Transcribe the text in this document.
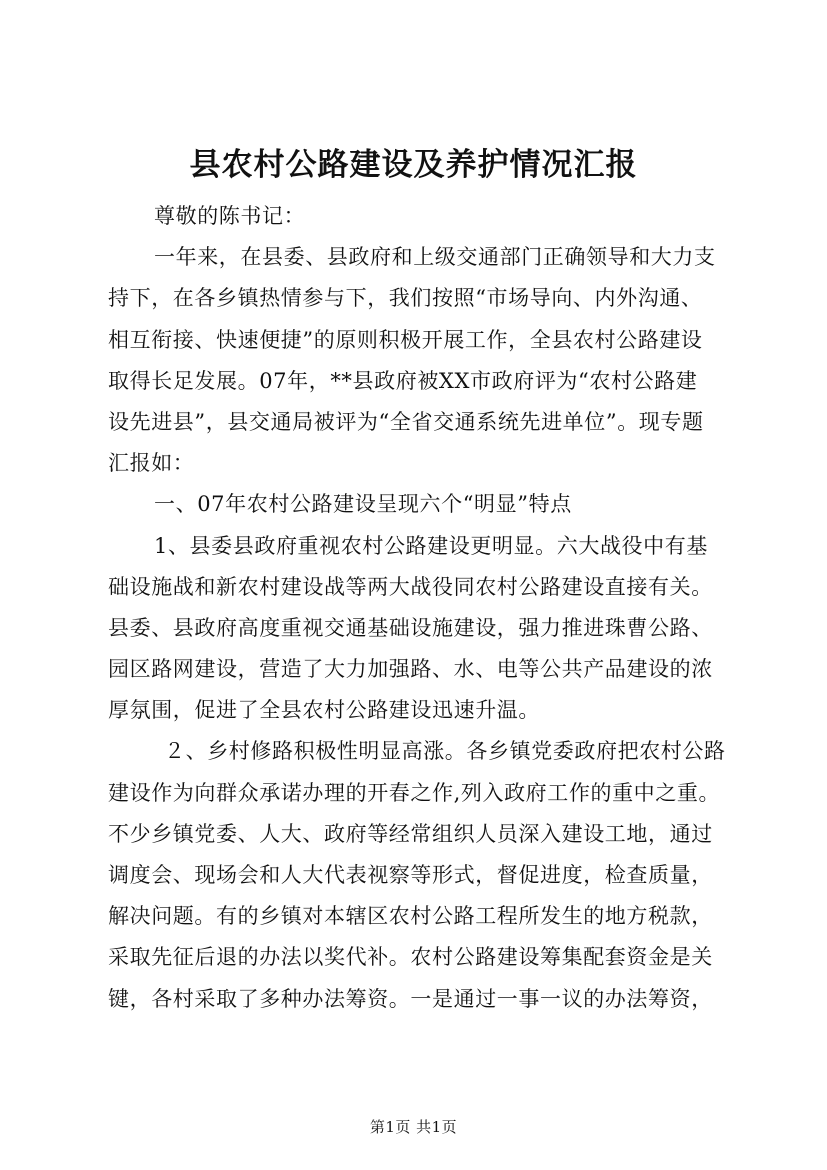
县农村公路建设及养护情况汇报

尊敬的陈书记：

一年来，在县委、县政府和上级交通部门正确领导和大力支

持下，在各乡镇热情参与下，我们按照“市场导向、内外沟通、

相互衔接、快速便捷”的原则积极开展工作，全县农村公路建设

取得长足发展。07年，**县政府被XX市政府评为“农村公路建

设先进县”，县交通局被评为“全省交通系统先进单位”。现专题

汇报如：

一、07年农村公路建设呈现六个“明显”特点

1、县委县政府重视农村公路建设更明显。六大战役中有基

础设施战和新农村建设战等两大战役同农村公路建设直接有关。

县委、县政府高度重视交通基础设施建设，强力推进珠曹公路、

园区路网建设，营造了大力加强路、水、电等公共产品建设的浓

厚氛围，促进了全县农村公路建设迅速升温。

２、乡村修路积极性明显高涨。各乡镇党委政府把农村公路

建设作为向群众承诺办理的开春之作,列入政府工作的重中之重。

不少乡镇党委、人大、政府等经常组织人员深入建设工地，通过

调度会、现场会和人大代表视察等形式，督促进度，检查质量，

解决问题。有的乡镇对本辖区农村公路工程所发生的地方税款，

采取先征后退的办法以奖代补。农村公路建设筹集配套资金是关

键，各村采取了多种办法筹资。一是通过一事一议的办法筹资，

第1页 共1页
